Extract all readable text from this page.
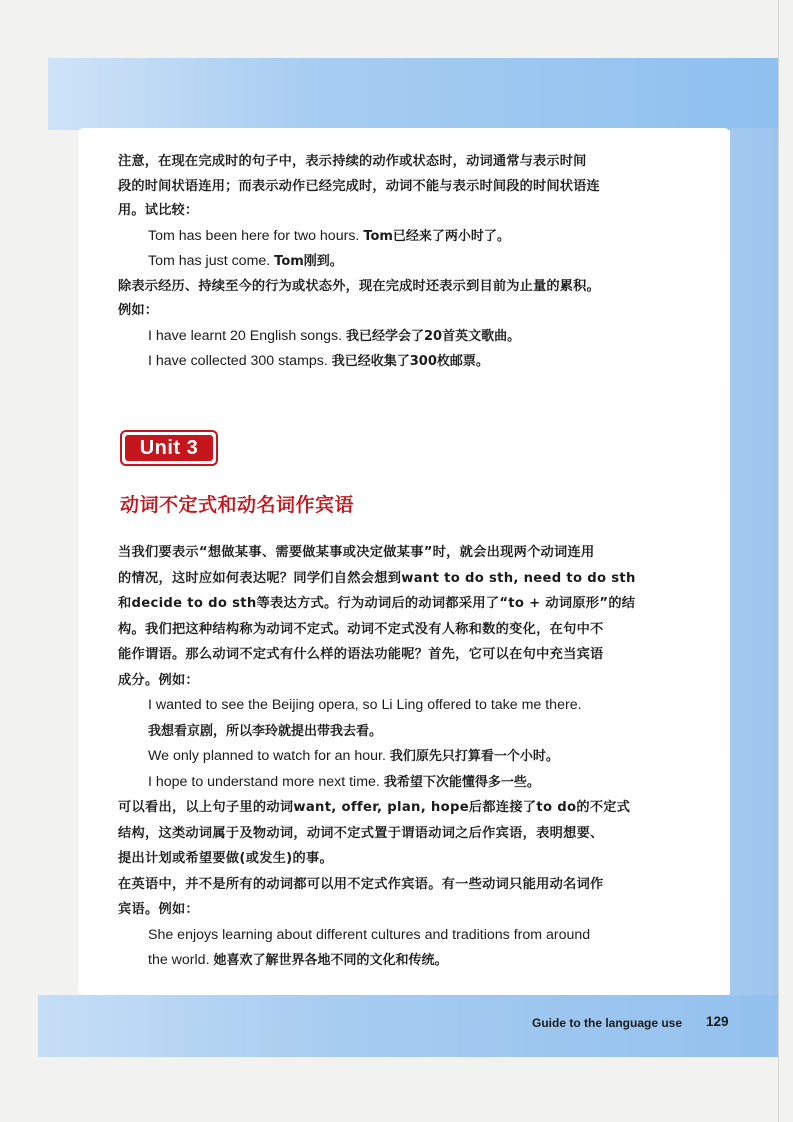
注意，在现在完成时的句子中，表示持续的动作或状态时，动词通常与表示时间

段的时间状语连用；而表示动作已经完成时，动词不能与表示时间段的时间状语连

用。试比较：

Tom has been here for two hours. Tom已经来了两小时了。

Tom has just come. Tom刚到。

除表示经历、持续至今的行为或状态外，现在完成时还表示到目前为止量的累积。

例如：

I have learnt 20 English songs. 我已经学会了20首英文歌曲。

I have collected 300 stamps. 我已经收集了300枚邮票。

Unit 3
动词不定式和动名词作宾语

当我们要表示“想做某事、需要做某事或决定做某事”时，就会出现两个动词连用

的情况，这时应如何表达呢？同学们自然会想到want to do sth, need to do sth

和decide to do sth等表达方式。行为动词后的动词都采用了“to + 动词原形”的结

构。我们把这种结构称为动词不定式。动词不定式没有人称和数的变化，在句中不

能作谓语。那么动词不定式有什么样的语法功能呢？首先，它可以在句中充当宾语

成分。例如：

I wanted to see the Beijing opera, so Li Ling offered to take me there.

我想看京剧，所以李玲就提出带我去看。

We only planned to watch for an hour. 我们原先只打算看一个小时。

I hope to understand more next time. 我希望下次能懂得多一些。

可以看出，以上句子里的动词want, offer, plan, hope后都连接了to do的不定式

结构，这类动词属于及物动词，动词不定式置于谓语动词之后作宾语，表明想要、

提出计划或希望要做(或发生)的事。

在英语中，并不是所有的动词都可以用不定式作宾语。有一些动词只能用动名词作

宾语。例如：

She enjoys learning about different cultures and traditions from around

the world. 她喜欢了解世界各地不同的文化和传统。

Guide to the language use 129
